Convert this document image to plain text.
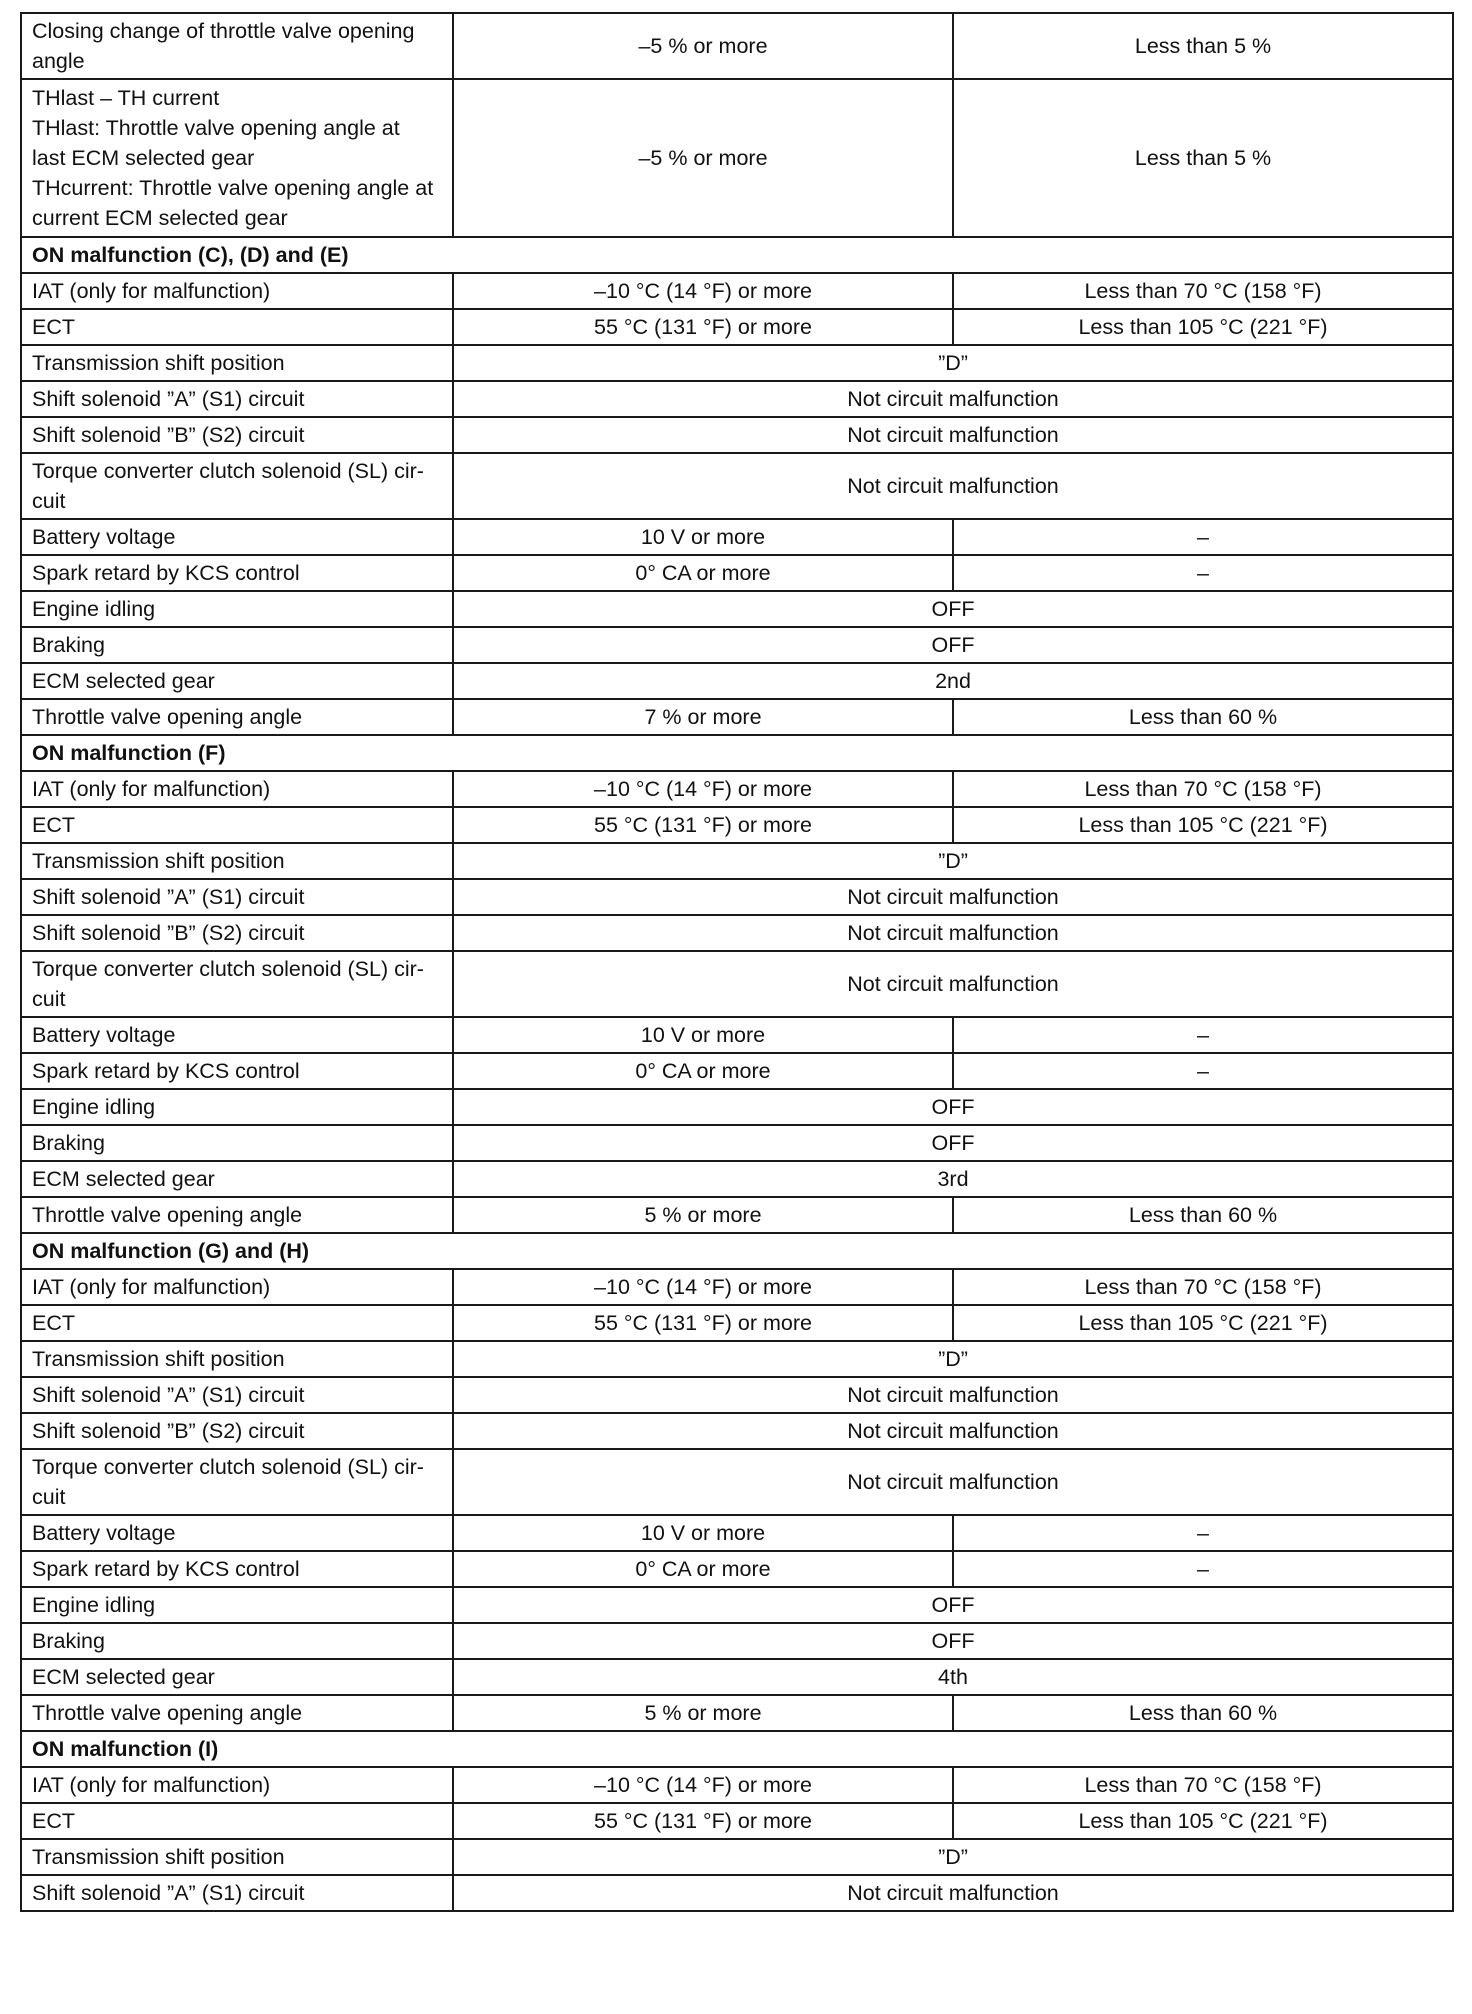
Closing change of throttle valve opening
angle	–5 % or more	Less than 5 %

THlast – TH current
THlast: Throttle valve opening angle at
last ECM selected gear
THcurrent: Throttle valve opening angle at
current ECM selected gear	–5 % or more	Less than 5 %
ON malfunction (C), (D) and (E)		

IAT (only for malfunction)	–10 °C (14 °F) or more	Less than 70 °C (158 °F)

ECT	55 °C (131 °F) or more	Less than 105 °C (221 °F)

Transmission shift position	”D”	

Shift solenoid ”A” (S1) circuit	Not circuit malfunction	

Shift solenoid ”B” (S2) circuit	Not circuit malfunction	

Torque converter clutch solenoid (SL) cir-
cuit	Not circuit malfunction	

Battery voltage	10 V or more	–

Spark retard by KCS control	0° CA or more	–

Engine idling	OFF	

Braking	OFF	

ECM selected gear	2nd	

Throttle valve opening angle	7 % or more	Less than 60 %
ON malfunction (F)		

IAT (only for malfunction)	–10 °C (14 °F) or more	Less than 70 °C (158 °F)

ECT	55 °C (131 °F) or more	Less than 105 °C (221 °F)

Transmission shift position	”D”	

Shift solenoid ”A” (S1) circuit	Not circuit malfunction	

Shift solenoid ”B” (S2) circuit	Not circuit malfunction	

Torque converter clutch solenoid (SL) cir-
cuit	Not circuit malfunction	

Battery voltage	10 V or more	–

Spark retard by KCS control	0° CA or more	–

Engine idling	OFF	

Braking	OFF	

ECM selected gear	3rd	

Throttle valve opening angle	5 % or more	Less than 60 %
ON malfunction (G) and (H)		

IAT (only for malfunction)	–10 °C (14 °F) or more	Less than 70 °C (158 °F)

ECT	55 °C (131 °F) or more	Less than 105 °C (221 °F)

Transmission shift position	”D”	

Shift solenoid ”A” (S1) circuit	Not circuit malfunction	

Shift solenoid ”B” (S2) circuit	Not circuit malfunction	

Torque converter clutch solenoid (SL) cir-
cuit	Not circuit malfunction	

Battery voltage	10 V or more	–

Spark retard by KCS control	0° CA or more	–

Engine idling	OFF	

Braking	OFF	

ECM selected gear	4th	

Throttle valve opening angle	5 % or more	Less than 60 %
ON malfunction (I)		

IAT (only for malfunction)	–10 °C (14 °F) or more	Less than 70 °C (158 °F)

ECT	55 °C (131 °F) or more	Less than 105 °C (221 °F)

Transmission shift position	”D”	

Shift solenoid ”A” (S1) circuit	Not circuit malfunction	
